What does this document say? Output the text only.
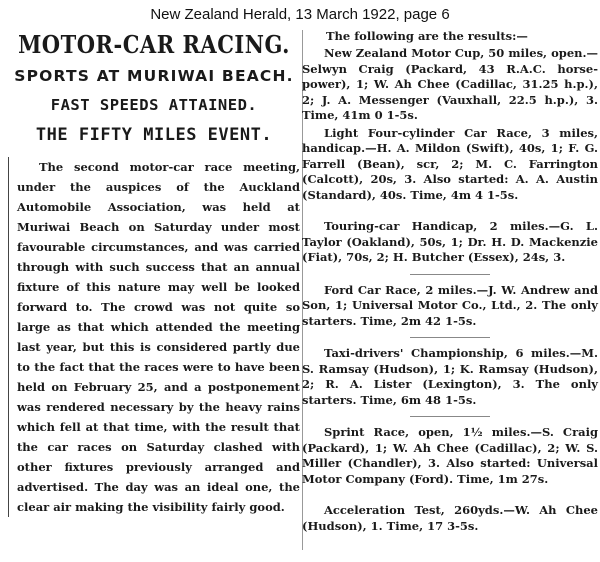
New Zealand Herald, 13 March 1922, page 6
MOTOR-CAR RACING.
SPORTS AT MURIWAI BEACH.
FAST SPEEDS ATTAINED.
THE FIFTY MILES EVENT.

The second motor-car race meeting, under the auspices of the Auckland Automobile Association, was held at Muriwai Beach on Saturday under most favourable circumstances, and was carried through with such success that an annual fixture of this nature may well be looked forward to. The crowd was not quite so large as that which attended the meeting last year, but this is considered partly due to the fact that the races were to have been held on February 25, and a postponement was rendered necessary by the heavy rains which fell at that time, with the result that the car races on Saturday clashed with other fixtures previously arranged and advertised. The day was an ideal one, the clear air making the visibility fairly good.

The following are the results:—

New Zealand Motor Cup, 50 miles, open.—Selwyn Craig (Packard, 43 R.A.C. horse-power), 1; W. Ah Chee (Cadillac, 31.25 h.p.), 2; J. A. Messenger (Vauxhall, 22.5 h.p.), 3. Time, 41m 0 1-5s.

Light Four-cylinder Car Race, 3 miles, handicap.—H. A. Mildon (Swift), 40s, 1; F. G. Farrell (Bean), scr, 2; M. C. Farrington (Calcott), 20s, 3. Also started: A. A. Austin (Standard), 40s. Time, 4m 4 1-5s.

Touring-car Handicap, 2 miles.—G. L. Taylor (Oakland), 50s, 1; Dr. H. D. Mackenzie (Fiat), 70s, 2; H. Butcher (Essex), 24s, 3.

Ford Car Race, 2 miles.—J. W. Andrew and Son, 1; Universal Motor Co., Ltd., 2. The only starters. Time, 2m 42 1-5s.

Taxi-drivers' Championship, 6 miles.—M. S. Ramsay (Hudson), 1; K. Ramsay (Hudson), 2; R. A. Lister (Lexington), 3. The only starters. Time, 6m 48 1-5s.

Sprint Race, open, 1½ miles.—S. Craig (Packard), 1; W. Ah Chee (Cadillac), 2; W. S. Miller (Chandler), 3. Also started: Universal Motor Company (Ford). Time, 1m 27s.

Acceleration Test, 260yds.—W. Ah Chee (Hudson), 1. Time, 17 3-5s.
